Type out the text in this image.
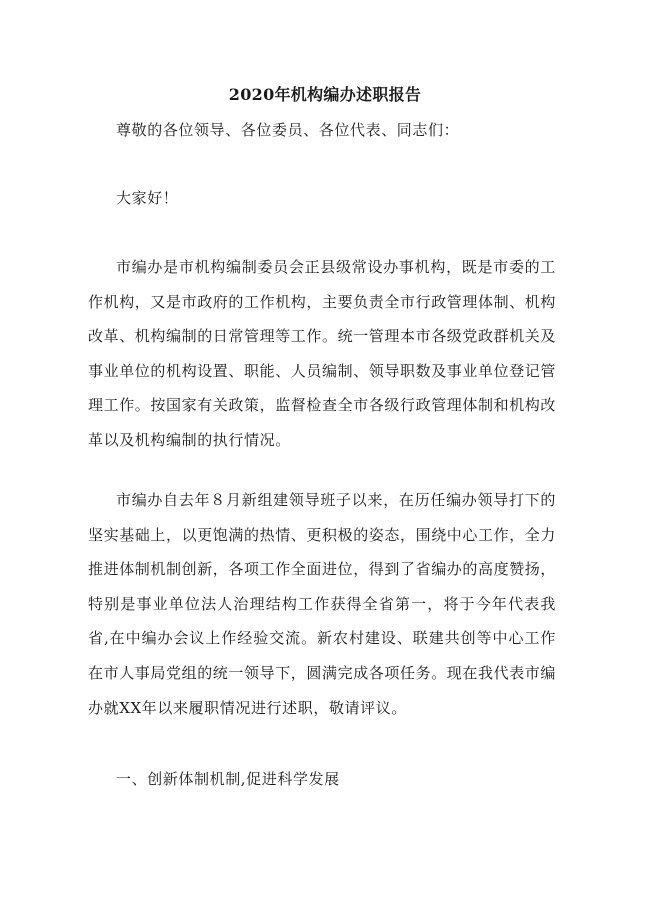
2020年机构编办述职报告
尊敬的各位领导、各位委员、各位代表、同志们：
大家好！
市编办是市机构编制委员会正县级常设办事机构，既是市委的工作机构，又是市政府的工作机构，主要负责全市行政管理体制、机构改革、机构编制的日常管理等工作。统一管理本市各级党政群机关及事业单位的机构设置、职能、人员编制、领导职数及事业单位登记管理工作。按国家有关政策，监督检查全市各级行政管理体制和机构改革以及机构编制的执行情况。
市编办自去年８月新组建领导班子以来，在历任编办领导打下的坚实基础上，以更饱满的热情、更积极的姿态，围绕中心工作，全力推进体制机制创新，各项工作全面进位，得到了省编办的高度赞扬，特别是事业单位法人治理结构工作获得全省第一，将于今年代表我省,在中编办会议上作经验交流。新农村建设、联建共创等中心工作在市人事局党组的统一领导下，圆满完成各项任务。现在我代表市编办就XX年以来履职情况进行述职，敬请评议。
一、创新体制机制,促进科学发展
